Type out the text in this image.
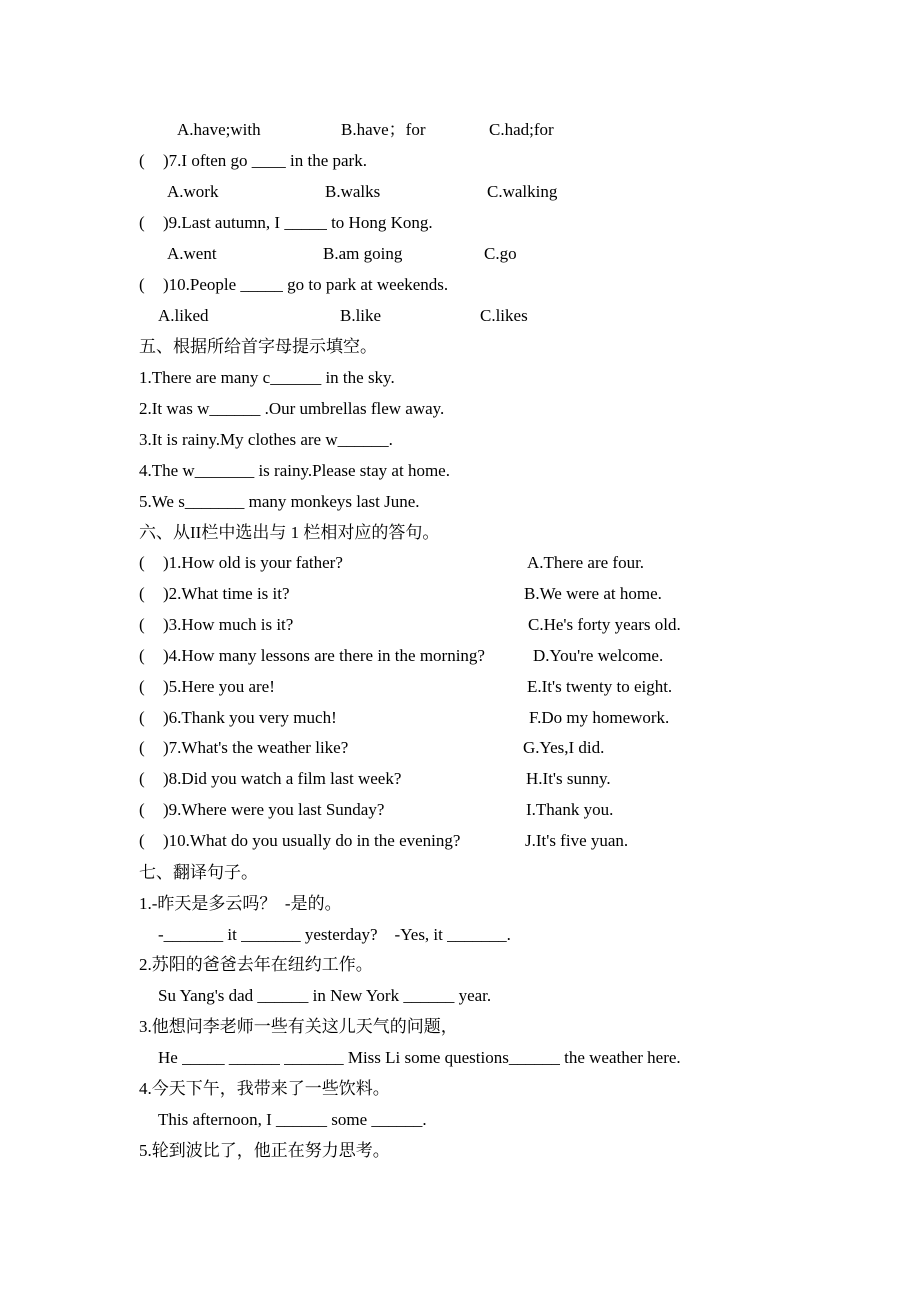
A.have;with	B.have；for	C.had;for
( )7.I often go ____ in the park.
A.work	B.walks	C.walking
( )9.Last autumn, I _____ to Hong Kong.
A.went	B.am going	C.go
( )10.People _____ go to park at weekends.
A.liked	B.like	C.likes
五、根据所给首字母提示填空。
1.There are many c______ in the sky.
2.It was w______ .Our umbrellas flew away.
3.It is rainy.My clothes are w______.
4.The w_______ is rainy.Please stay at home.
5.We s_______ many monkeys last June.
六、从II栏中选出与 1 栏相对应的答句。
( )1.How old is your father?	A.There are four.
( )2.What time is it?	B.We were at home.
( )3.How much is it?	C.He's forty years old.
( )4.How many lessons are there in the morning?	D.You're welcome.
( )5.Here you are!	E.It's twenty to eight.
( )6.Thank you very much!	F.Do my homework.
( )7.What's the weather like?	G.Yes,I did.
( )8.Did you watch a film last week?	H.It's sunny.
( )9.Where were you last Sunday?	I.Thank you.
( )10.What do you usually do in the evening?	J.It's five yuan.
七、翻译句子。
1.-昨天是多云吗？  -是的。
-_______ it _______ yesterday?    -Yes, it _______.
2.苏阳的爸爸去年在纽约工作。
Su Yang's dad ______ in New York ______ year.
3.他想问李老师一些有关这儿天气的问题，
He _____ ______ _______ Miss Li some questions______ the weather here.
4.今天下午，我带来了一些饮料。
This afternoon, I ______ some ______.
5.轮到波比了，他正在努力思考。
